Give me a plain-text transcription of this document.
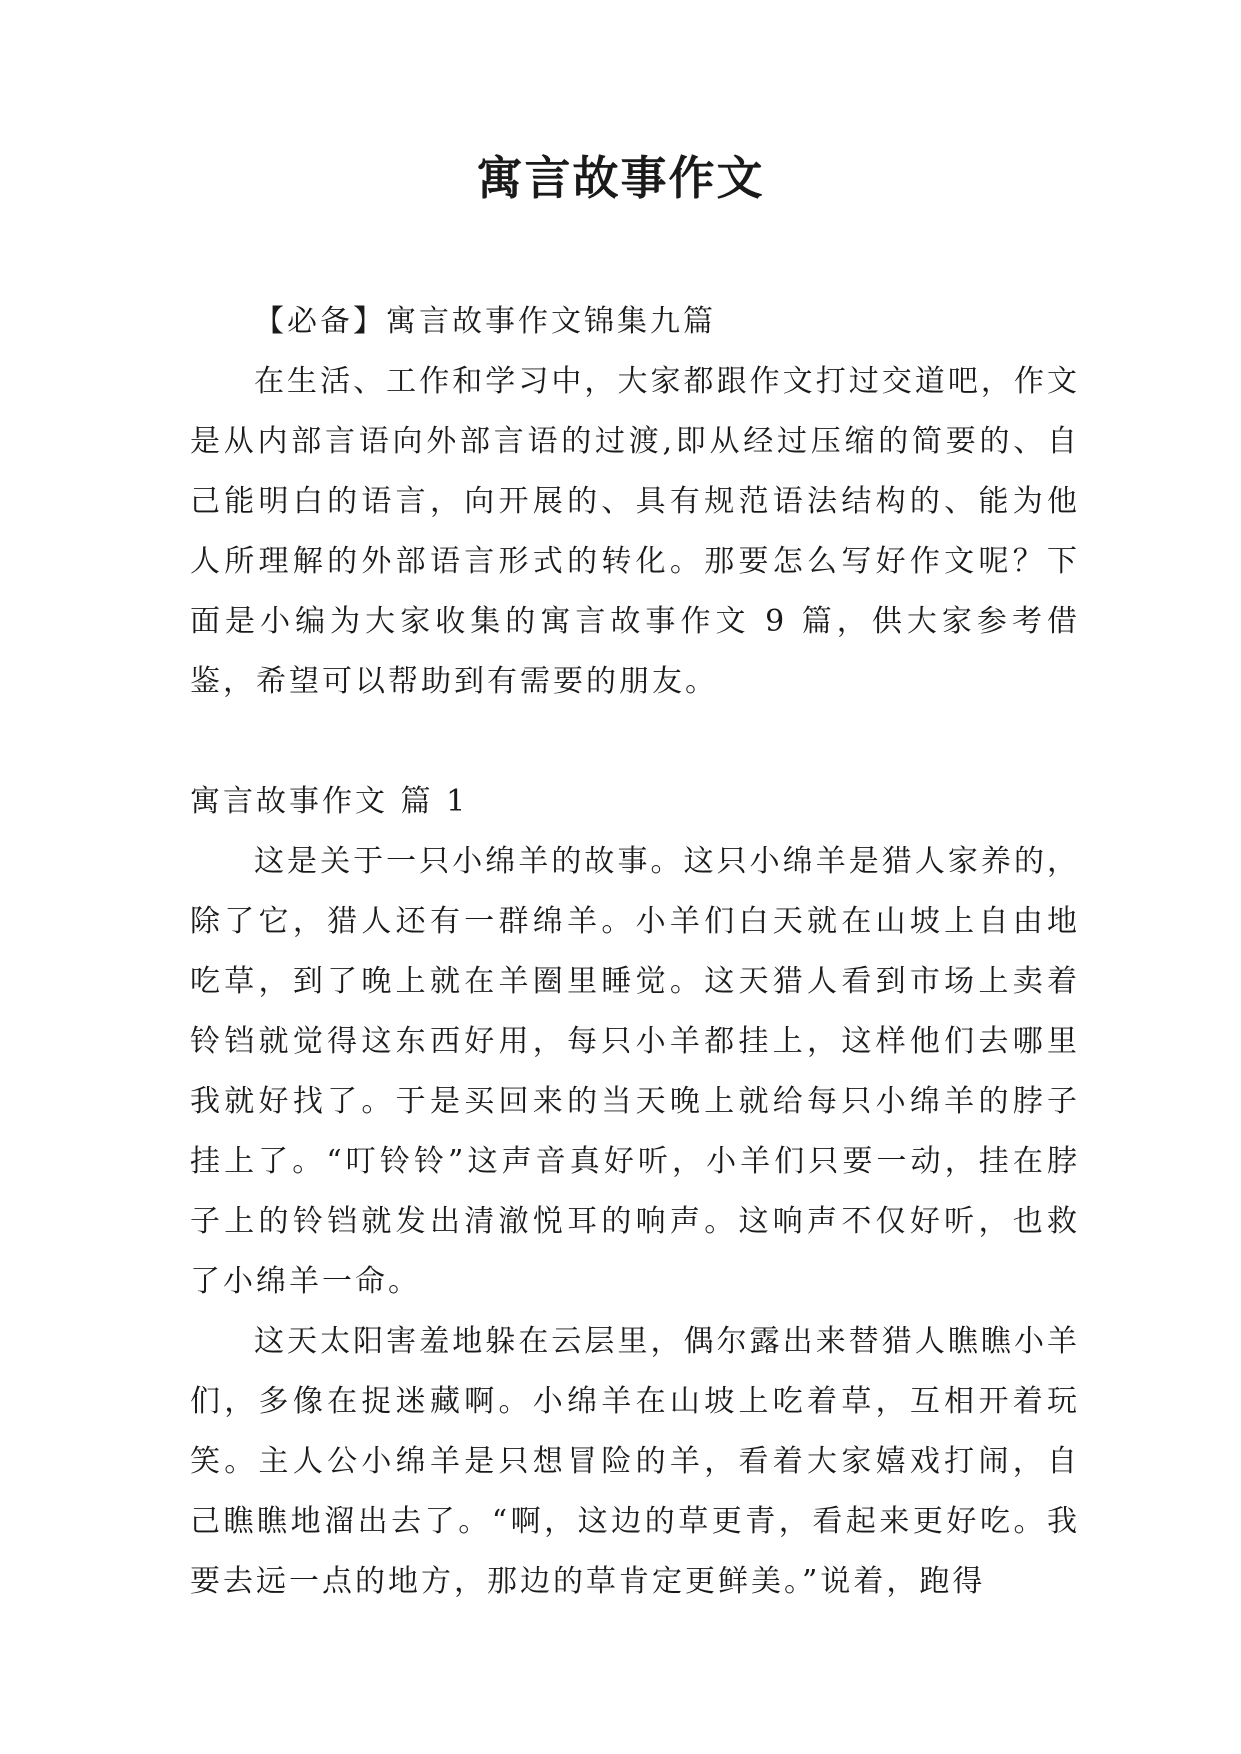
寓言故事作文

【必备】寓言故事作文锦集九篇

在生活、工作和学习中，大家都跟作文打过交道吧，作文是从内部言语向外部言语的过渡,即从经过压缩的简要的、自己能明白的语言，向开展的、具有规范语法结构的、能为他人所理解的外部语言形式的转化。那要怎么写好作文呢？下面是小编为大家收集的寓言故事作文 9 篇，供大家参考借鉴，希望可以帮助到有需要的朋友。

寓言故事作文 篇 1

这是关于一只小绵羊的故事。这只小绵羊是猎人家养的，除了它，猎人还有一群绵羊。小羊们白天就在山坡上自由地吃草，到了晚上就在羊圈里睡觉。这天猎人看到市场上卖着铃铛就觉得这东西好用，每只小羊都挂上，这样他们去哪里我就好找了。于是买回来的当天晚上就给每只小绵羊的脖子挂上了。“叮铃铃”这声音真好听，小羊们只要一动，挂在脖子上的铃铛就发出清澈悦耳的响声。这响声不仅好听，也救了小绵羊一命。

这天太阳害羞地躲在云层里，偶尔露出来替猎人瞧瞧小羊们，多像在捉迷藏啊。小绵羊在山坡上吃着草，互相开着玩笑。主人公小绵羊是只想冒险的羊，看着大家嬉戏打闹，自己瞧瞧地溜出去了。“啊，这边的草更青，看起来更好吃。我要去远一点的地方，那边的草肯定更鲜美。”说着，跑得
